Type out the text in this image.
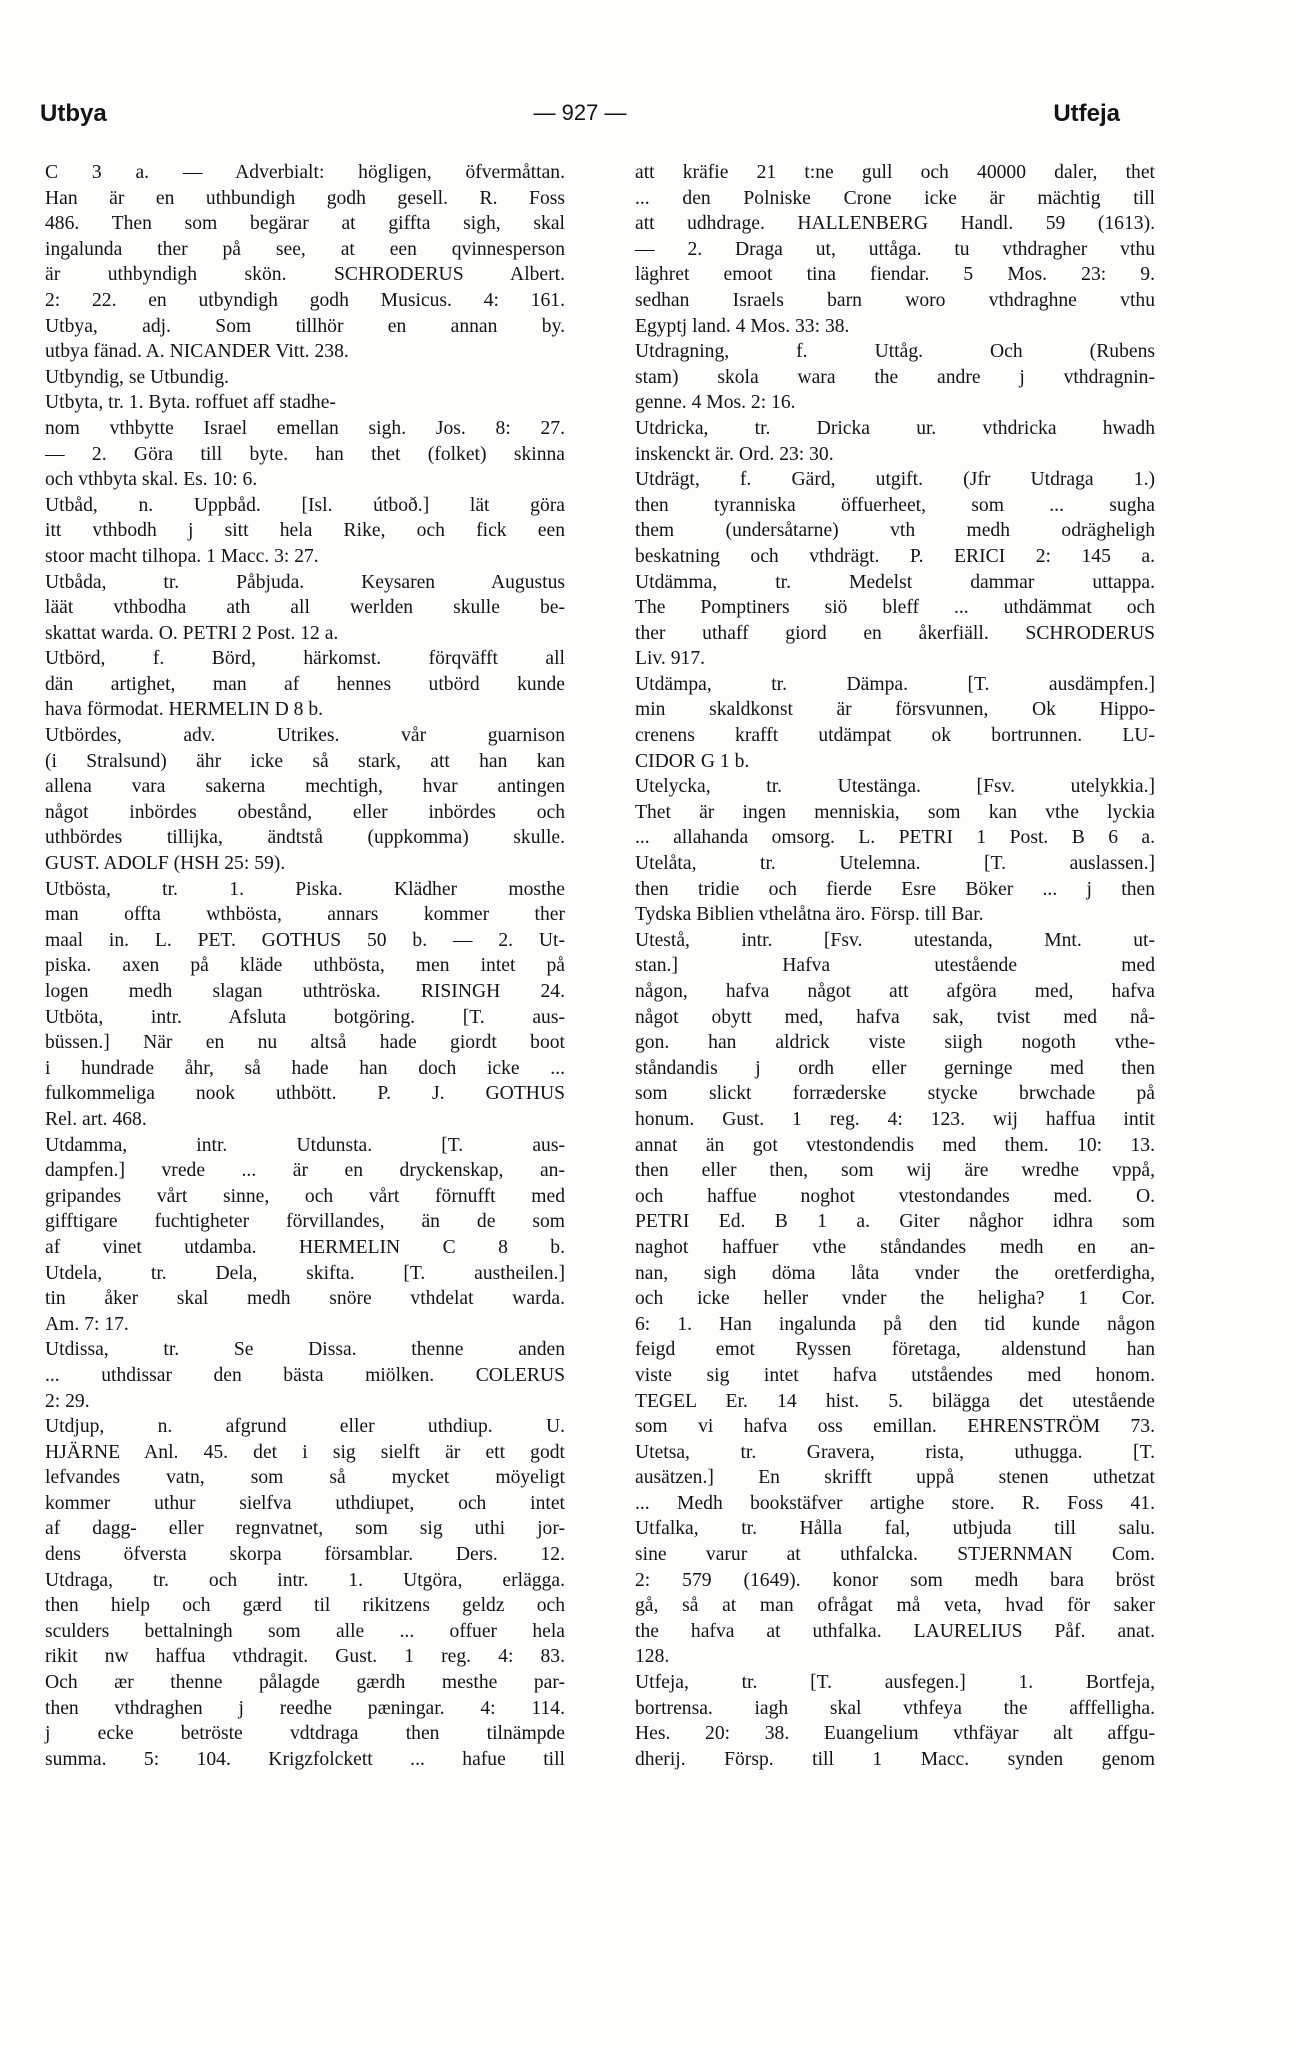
Utbya	— 927 —	Utfeja
C 3 a. — Adverbialt: högligen, öfvermåttan.
Han är en uthbundigh godh gesell. R. Foss
486. Then som begärar at giffta sigh, skal
ingalunda ther på see, at een qvinnesperson
är uthbyndigh skön. SCHRODERUS Albert.
2: 22. en utbyndigh godh Musicus. 4: 161.
Utbya, adj. Som tillhör en annan by.
utbya fänad. A. NICANDER Vitt. 238.
Utbyndig, se Utbundig.
Utbyta, tr. 1. Byta. roffuet aff stadhe-
nom vthbytte Israel emellan sigh. Jos. 8: 27.
— 2. Göra till byte. han thet (folket) skinna
och vthbyta skal. Es. 10: 6.
Utbåd, n. Uppbåd. [Isl. útboð.] lät göra
itt vthbodh j sitt hela Rike, och fick een
stoor macht tilhopa. 1 Macc. 3: 27.
Utbåda, tr. Påbjuda. Keysaren Augustus
läät vthbodha ath all werlden skulle be-
skattat warda. O. PETRI 2 Post. 12 a.
Utbörd, f. Börd, härkomst. förqväfft all
dän artighet, man af hennes utbörd kunde
hava förmodat. HERMELIN D 8 b.
Utbördes, adv. Utrikes. vår guarnison
(i Stralsund) ähr icke så stark, att han kan
allena vara sakerna mechtigh, hvar antingen
något inbördes obestånd, eller inbördes och
uthbördes tillijka, ändtstå (uppkomma) skulle.
GUST. ADOLF (HSH 25: 59).
Utbösta, tr. 1. Piska. Klädher mosthe
man offta wthbösta, annars kommer ther
maal in. L. PET. GOTHUS 50 b. — 2. Ut-
piska. axen på kläde uthbösta, men intet på
logen medh slagan uthtröska. RISINGH 24.
Utböta, intr. Afsluta botgöring. [T. aus-
büssen.] När en nu altså hade giordt boot
i hundrade åhr, så hade han doch icke ...
fulkommeliga nook uthbött. P. J. GOTHUS
Rel. art. 468.
Utdamma, intr. Utdunsta. [T. aus-
dampfen.] vrede ... är en dryckenskap, an-
gripandes vårt sinne, och vårt förnufft med
gifftigare fuchtigheter förvillandes, än de som
af vinet utdamba. HERMELIN C 8 b.
Utdela, tr. Dela, skifta. [T. austheilen.]
tin åker skal medh snöre vthdelat warda.
Am. 7: 17.
Utdissa, tr. Se Dissa. thenne anden
... uthdissar den bästa miölken. COLERUS
2: 29.
Utdjup, n. afgrund eller uthdiup. U.
HJÄRNE Anl. 45. det i sig sielft är ett godt
lefvandes vatn, som så mycket möyeligt
kommer uthur sielfva uthdiupet, och intet
af dagg- eller regnvatnet, som sig uthi jor-
dens öfversta skorpa församblar. Ders. 12.
Utdraga, tr. och intr. 1. Utgöra, erlägga.
then hielp och gærd til rikitzens geldz och
sculders bettalningh som alle ... offuer hela
rikit nw haffua vthdragit. Gust. 1 reg. 4: 83.
Och ær thenne pålagde gærdh mesthe par-
then vthdraghen j reedhe pæningar. 4: 114.
j ecke betröste vdtdraga then tilnämpde
summa. 5: 104. Krigzfolckett ... hafue till
att kräfie 21 t:ne gull och 40000 daler, thet
... den Polniske Crone icke är mächtig till
att udhdrage. HALLENBERG Handl. 59 (1613).
— 2. Draga ut, uttåga. tu vthdragher vthu
läghret emoot tina fiendar. 5 Mos. 23: 9.
sedhan Israels barn woro vthdraghne vthu
Egyptj land. 4 Mos. 33: 38.
Utdragning, f. Uttåg. Och (Rubens
stam) skola wara the andre j vthdragnin-
genne. 4 Mos. 2: 16.
Utdricka, tr. Dricka ur. vthdricka hwadh
inskenckt är. Ord. 23: 30.
Utdrägt, f. Gärd, utgift. (Jfr Utdraga 1.)
then tyranniska öffuerheet, som ... sugha
them (undersåtarne) vth medh odrägheligh
beskatning och vthdrägt. P. ERICI 2: 145 a.
Utdämma, tr. Medelst dammar uttappa.
The Pomptiners siö bleff ... uthdämmat och
ther uthaff giord en åkerfiäll. SCHRODERUS
Liv. 917.
Utdämpa, tr. Dämpa. [T. ausdämpfen.]
min skaldkonst är försvunnen, Ok Hippo-
crenens krafft utdämpat ok bortrunnen. LU-
CIDOR G 1 b.
Utelycka, tr. Utestänga. [Fsv. utelykkia.]
Thet är ingen menniskia, som kan vthe lyckia
... allahanda omsorg. L. PETRI 1 Post. B 6 a.
Utelåta, tr. Utelemna. [T. auslassen.]
then tridie och fierde Esre Böker ... j then
Tydska Biblien vthelåtna äro. Försp. till Bar.
Utestå, intr. [Fsv. utestanda, Mnt. ut-
stan.] Hafva utestående med
någon, hafva något att afgöra med, hafva
något obytt med, hafva sak, tvist med nå-
gon. han aldrick viste siigh nogoth vthe-
ståndandis j ordh eller gerninge med then
som slickt forræderske stycke brwchade på
honum. Gust. 1 reg. 4: 123. wij haffua intit
annat än got vtestondendis med them. 10: 13.
then eller then, som wij äre wredhe vppå,
och haffue noghot vtestondandes med. O.
PETRI Ed. B 1 a. Giter någhor idhra som
naghot haffuer vthe ståndandes medh en an-
nan, sigh döma låta vnder the oretferdigha,
och icke heller vnder the heligha? 1 Cor.
6: 1. Han ingalunda på den tid kunde någon
feigd emot Ryssen företaga, aldenstund han
viste sig intet hafva utståendes med honom.
TEGEL Er. 14 hist. 5. bilägga det utestående
som vi hafva oss emillan. EHRENSTRÖM 73.
Utetsa, tr. Gravera, rista, uthugga. [T.
ausätzen.] En skrifft uppå stenen uthetzat
... Medh bookstäfver artighe store. R. Foss 41.
Utfalka, tr. Hålla fal, utbjuda till salu.
sine varur at uthfalcka. STJERNMAN Com.
2: 579 (1649). konor som medh bara bröst
gå, så at man ofrågat må veta, hvad för saker
the hafva at uthfalka. LAURELIUS Påf. anat.
128.
Utfeja, tr. [T. ausfegen.] 1. Bortfeja,
bortrensa. iagh skal vthfeya the afffelligha.
Hes. 20: 38. Euangelium vthfäyar alt affgu-
dherij. Försp. till 1 Macc. synden genom
